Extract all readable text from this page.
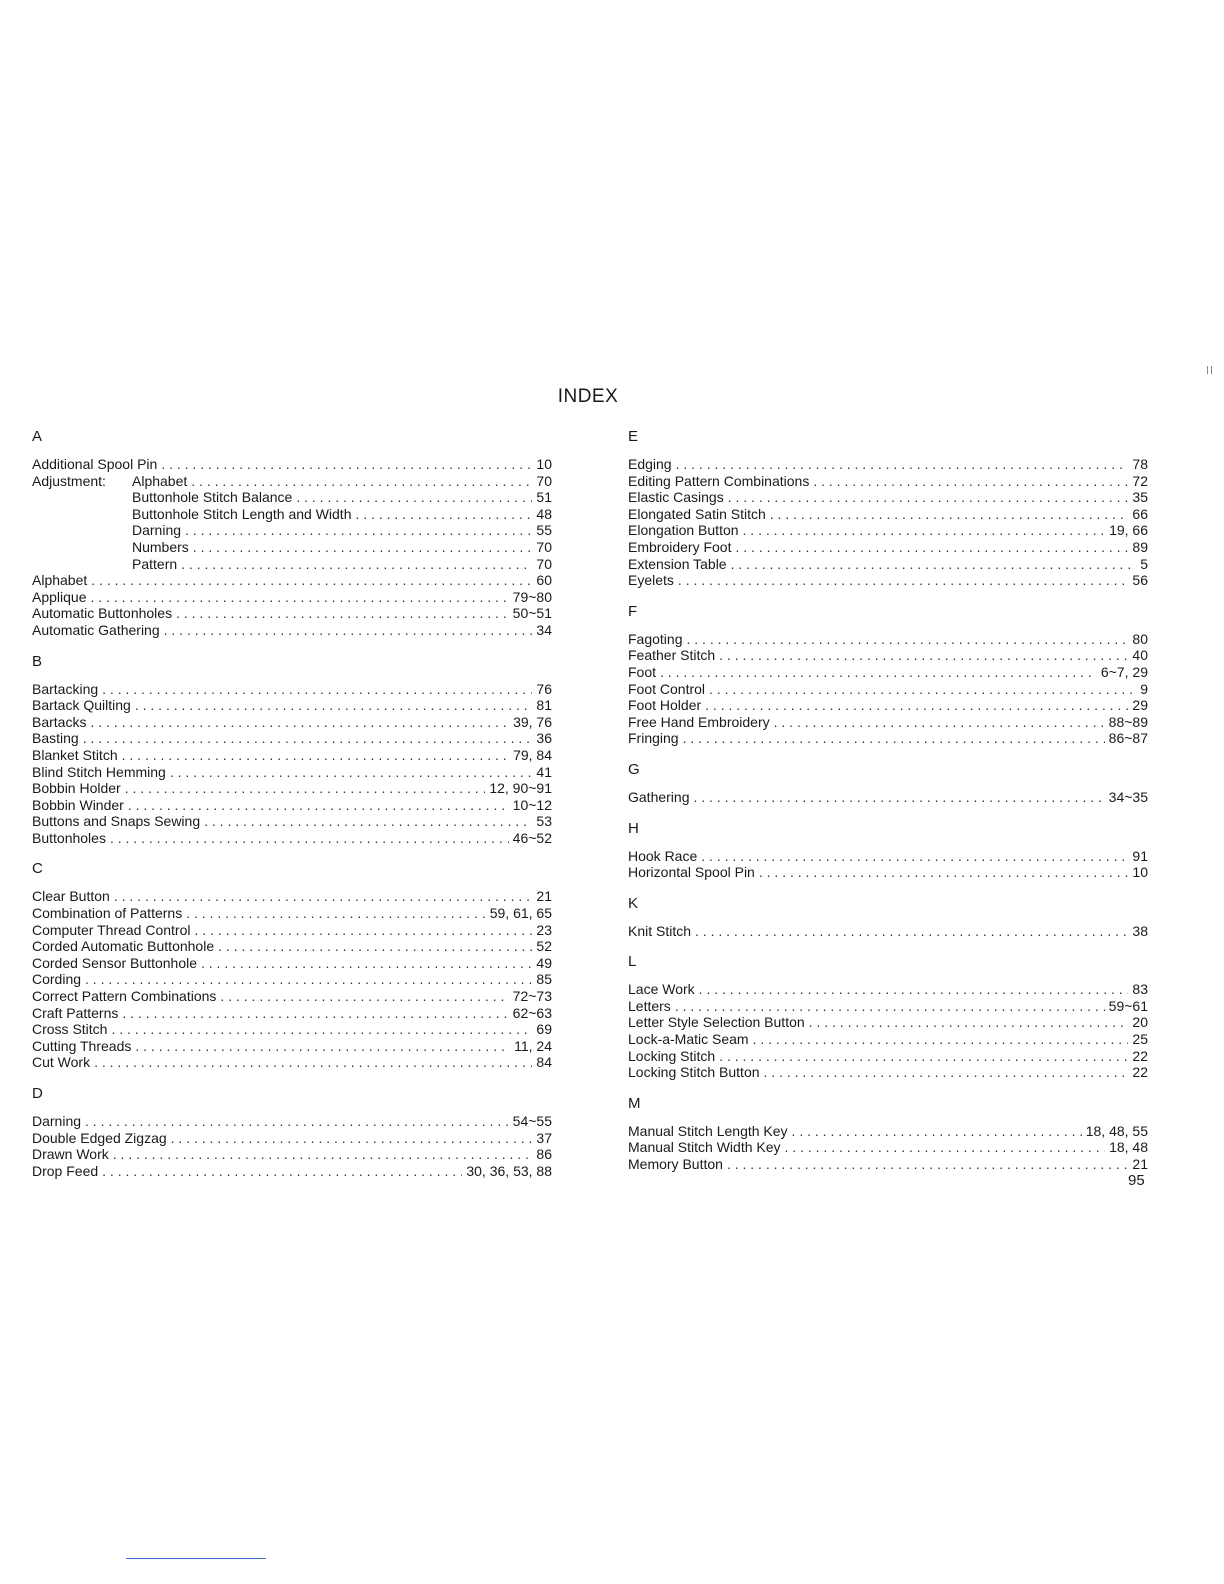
INDEX
A
Additional Spool Pin . . .	10
Adjustment:	Alphabet . . .	70
Buttonhole Stitch Balance . . .	51
Buttonhole Stitch Length and Width . . .	48
Darning . . .	55
Numbers . . .	70
Pattern . . .	70
Alphabet . . .	60
Applique . . .	79~80
Automatic Buttonholes . . .	50~51
Automatic Gathering . . .	34
B
Bartacking . . .	76
Bartack Quilting . . .	81
Bartacks . . .	39, 76
Basting . . .	36
Blanket Stitch . . .	79, 84
Blind Stitch Hemming . . .	41
Bobbin Holder . . .	12, 90~91
Bobbin Winder . . .	10~12
Buttons and Snaps Sewing . . .	53
Buttonholes . . .	46~52
C
Clear Button . . .	21
Combination of Patterns . . .	59, 61, 65
Computer Thread Control . . .	23
Corded Automatic Buttonhole . . .	52
Corded Sensor Buttonhole . . .	49
Cording . . .	85
Correct Pattern Combinations . . .	72~73
Craft Patterns . . .	62~63
Cross Stitch . . .	69
Cutting Threads . . .	11, 24
Cut Work . . .	84
D
Darning . . .	54~55
Double Edged Zigzag . . .	37
Drawn Work . . .	86
Drop Feed . . .	30, 36, 53, 88
E
Edging . . .	78
Editing Pattern Combinations . . .	72
Elastic Casings . . .	35
Elongated Satin Stitch . . .	66
Elongation Button . . .	19, 66
Embroidery Foot . . .	89
Extension Table . . .	5
Eyelets . . .	56
F
Fagoting . . .	80
Feather Stitch . . .	40
Foot . . .	6~7, 29
Foot Control . . .	9
Foot Holder . . .	29
Free Hand Embroidery . . .	88~89
Fringing . . .	86~87
G
Gathering . . .	34~35
H
Hook Race . . .	91
Horizontal Spool Pin . . .	10
K
Knit Stitch . . .	38
L
Lace Work . . .	83
Letters . . .	59~61
Letter Style Selection Button . . .	20
Lock-a-Matic Seam . . .	25
Locking Stitch . . .	22
Locking Stitch Button . . .	22
M
Manual Stitch Length Key . . .	18, 48, 55
Manual Stitch Width Key . . .	18, 48
Memory Button . . .	21
95
